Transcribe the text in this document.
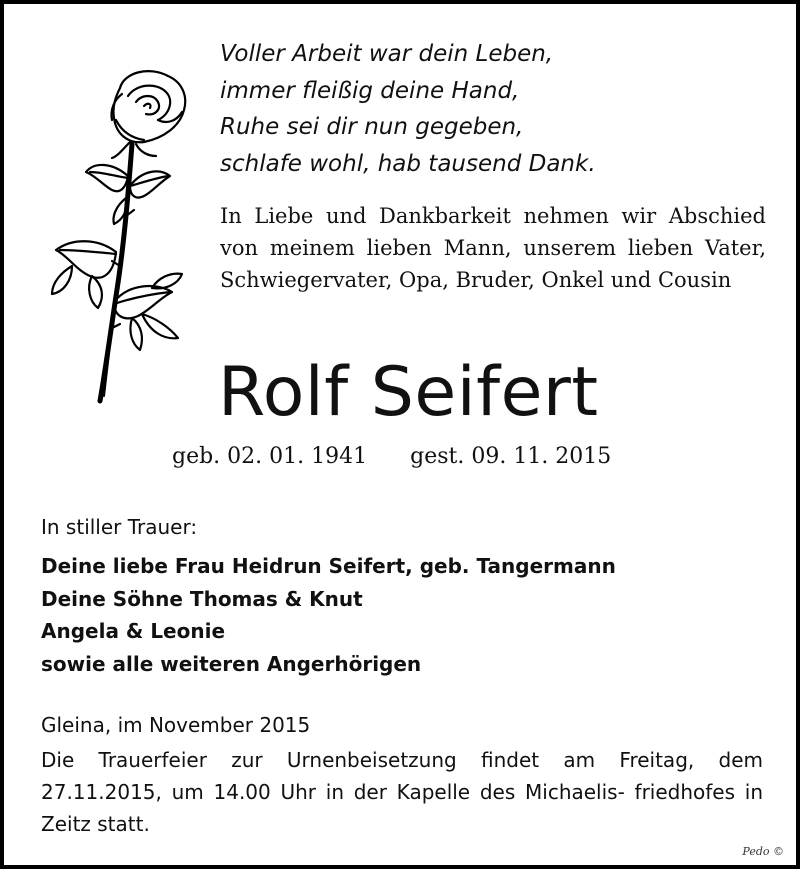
Voller Arbeit war dein Leben,
immer fleißig deine Hand,
Ruhe sei dir nun gegeben,
schlafe wohl, hab tausend Dank.

In Liebe und Dankbarkeit nehmen wir Abschied von meinem lieben Mann, unserem lieben Vater, Schwiegervater, Opa, Bruder, Onkel und Cousin

Rolf Seifert
geb. 02. 01. 1941 gest. 09. 11. 2015
In stiller Trauer:
Deine liebe Frau Heidrun Seifert, geb. Tangermann
Deine Söhne Thomas & Knut
Angela & Leonie
sowie alle weiteren Angerhörigen
Gleina, im November 2015

Die Trauerfeier zur Urnenbeisetzung findet am Freitag, dem 27.11.2015, um 14.00 Uhr in der Kapelle des Michaelis- friedhofes in Zeitz statt.

Pedo ©
